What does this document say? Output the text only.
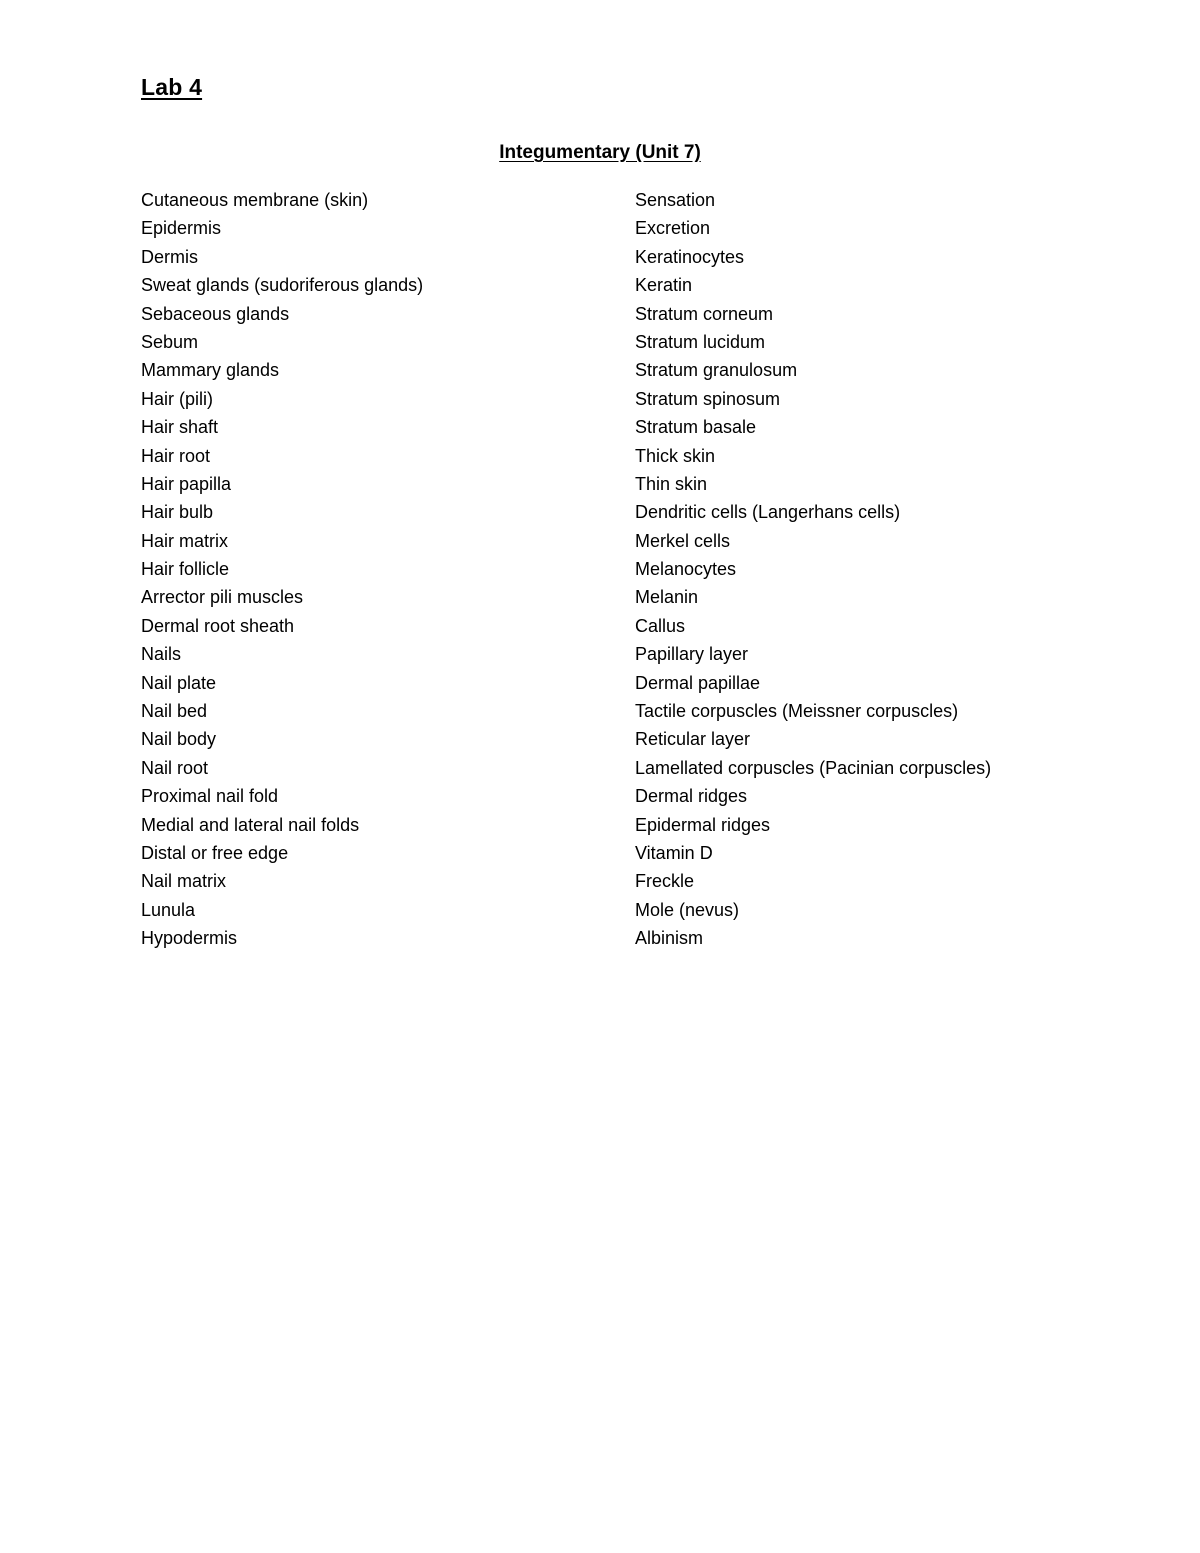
Lab 4
Integumentary (Unit 7)
Cutaneous membrane (skin)
Epidermis
Dermis
Sweat glands (sudoriferous glands)
Sebaceous glands
Sebum
Mammary glands
Hair (pili)
Hair shaft
Hair root
Hair papilla
Hair bulb
Hair matrix
Hair follicle
Arrector pili muscles
Dermal root sheath
Nails
Nail plate
Nail bed
Nail body
Nail root
Proximal nail fold
Medial and lateral nail folds
Distal or free edge
Nail matrix
Lunula
Hypodermis
Sensation
Excretion
Keratinocytes
Keratin
Stratum corneum
Stratum lucidum
Stratum granulosum
Stratum spinosum
Stratum basale
Thick skin
Thin skin
Dendritic cells (Langerhans cells)
Merkel cells
Melanocytes
Melanin
Callus
Papillary layer
Dermal papillae
Tactile corpuscles (Meissner corpuscles)
Reticular layer
Lamellated corpuscles (Pacinian corpuscles)
Dermal ridges
Epidermal ridges
Vitamin D
Freckle
Mole (nevus)
Albinism
